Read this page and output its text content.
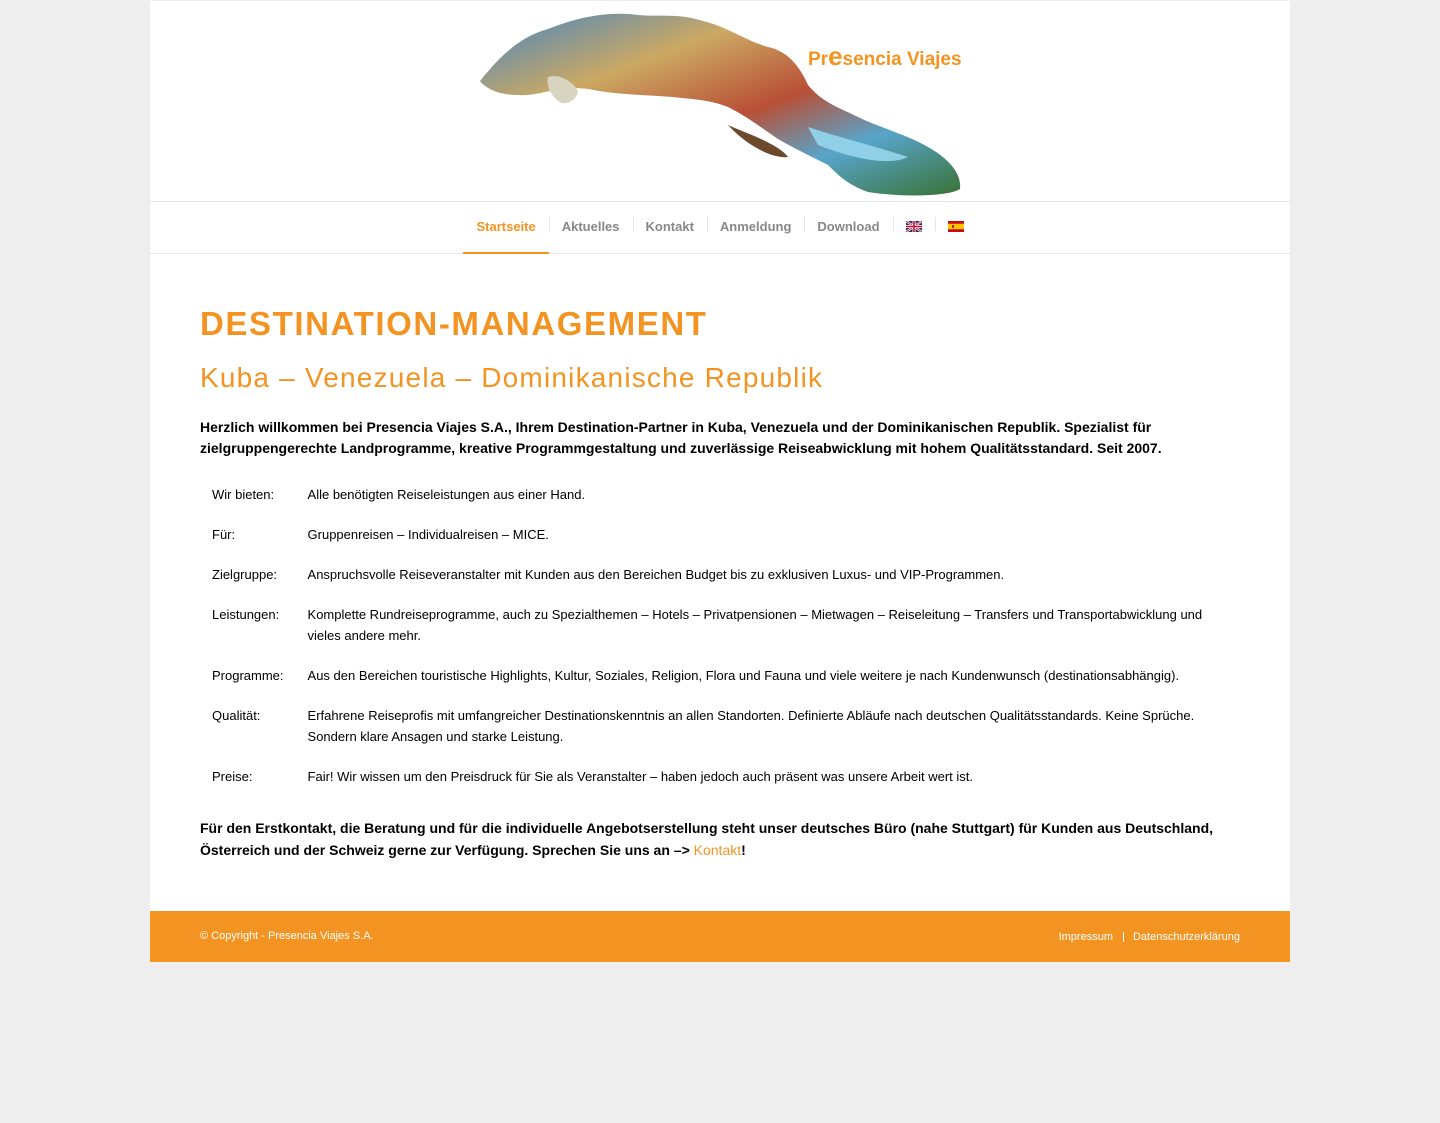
Presencia Viajes
Startseite Aktuelles Kontakt Anmeldung Download
DESTINATION-MANAGEMENT
Kuba – Venezuela – Dominikanische Republik

Herzlich willkommen bei Presencia Viajes S.A., Ihrem Destination-Partner in Kuba, Venezuela und der Dominikanischen Republik. Spezialist für zielgruppengerechte Landprogramme, kreative Programmgestaltung und zuverlässige Reiseabwicklung mit hohem Qualitätsstandard. Seit 2007.

Wir bieten:	Alle benötigten Reiseleistungen aus einer Hand.
Für:	Gruppenreisen – Individualreisen – MICE.
Zielgruppe:	Anspruchsvolle Reiseveranstalter mit Kunden aus den Bereichen Budget bis zu exklusiven Luxus- und VIP-Programmen.
Leistungen:	Komplette Rundreiseprogramme, auch zu Spezialthemen – Hotels – Privatpensionen – Mietwagen – Reiseleitung – Transfers und Transportabwicklung und vieles andere mehr.
Programme:	Aus den Bereichen touristische Highlights, Kultur, Soziales, Religion, Flora und Fauna und viele weitere je nach Kundenwunsch (destinationsabhängig).
Qualität:	Erfahrene Reiseprofis mit umfangreicher Destinationskenntnis an allen Standorten. Definierte Abläufe nach deutschen Qualitätsstandards. Keine Sprüche. Sondern klare Ansagen und starke Leistung.
Preise:	Fair! Wir wissen um den Preisdruck für Sie als Veranstalter – haben jedoch auch präsent was unsere Arbeit wert ist.

Für den Erstkontakt, die Beratung und für die individuelle Angebotserstellung steht unser deutsches Büro (nahe Stuttgart) für Kunden aus Deutschland, Österreich und der Schweiz gerne zur Verfügung. Sprechen Sie uns an –> Kontakt!

© Copyright - Presencia Viajes S.A.	Impressum	Datenschutzerklärung
